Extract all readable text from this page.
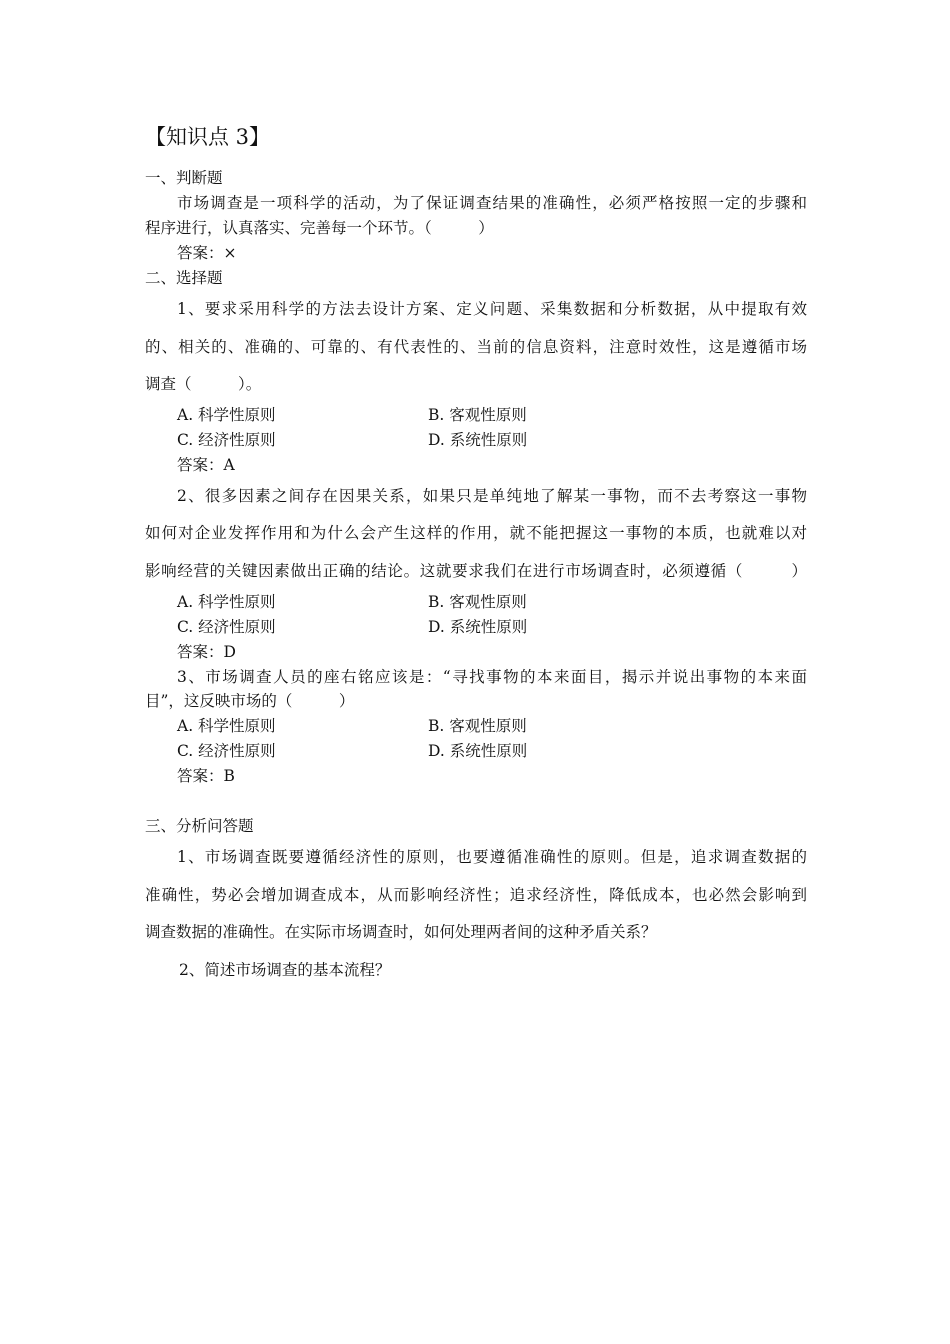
【知识点 3】
一、判断题
市场调查是一项科学的活动，为了保证调查结果的准确性，必须严格按照一定的步骤和
程序进行，认真落实、完善每一个环节。（　　　）
答案：×
二、选择题
1、要求采用科学的方法去设计方案、定义问题、采集数据和分析数据，从中提取有效
的、相关的、准确的、可靠的、有代表性的、当前的信息资料，注意时效性，这是遵循市场
调查（　　　）。
A. 科学性原则	B. 客观性原则
C. 经济性原则	D. 系统性原则
答案：A
2、很多因素之间存在因果关系，如果只是单纯地了解某一事物，而不去考察这一事物
如何对企业发挥作用和为什么会产生这样的作用，就不能把握这一事物的本质，也就难以对
影响经营的关键因素做出正确的结论。这就要求我们在进行市场调查时，必须遵循（　　　）
A. 科学性原则	B. 客观性原则
C. 经济性原则	D. 系统性原则
答案：D
3、市场调查人员的座右铭应该是：“寻找事物的本来面目，揭示并说出事物的本来面
目”，这反映市场的（　　　）
A. 科学性原则	B. 客观性原则
C. 经济性原则	D. 系统性原则
答案：B
三、分析问答题
1、市场调查既要遵循经济性的原则，也要遵循准确性的原则。但是，追求调查数据的
准确性，势必会增加调查成本，从而影响经济性；追求经济性，降低成本，也必然会影响到
调查数据的准确性。在实际市场调查时，如何处理两者间的这种矛盾关系？
2、简述市场调查的基本流程？
